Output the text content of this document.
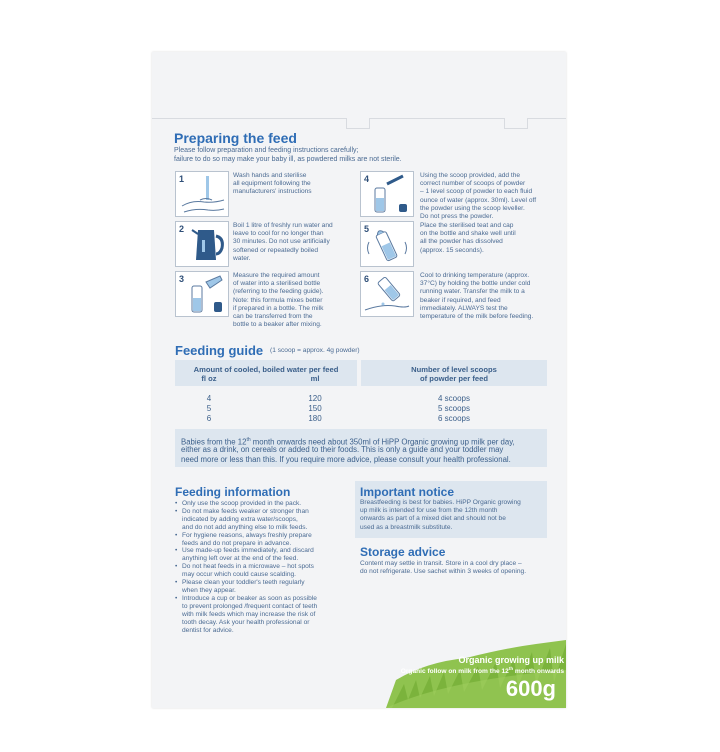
Preparing the feed
Please follow preparation and feeding instructions carefully;
failure to do so may make your baby ill, as powdered milks are not sterile.
1	Wash hands and sterilise
all equipment following the
manufacturers' instructions
2	Boil 1 litre of freshly run water and
leave to cool for no longer than
30 minutes. Do not use artificially
softened or repeatedly boiled
water.
3	Measure the required amount
of water into a sterilised bottle
(referring to the feeding guide).
Note: this formula mixes better
if prepared in a bottle. The milk
can be transferred from the
bottle to a beaker after mixing.
4	Using the scoop provided, add the
correct number of scoops of powder
– 1 level scoop of powder to each fluid
ounce of water (approx. 30ml). Level off
the powder using the scoop leveller.
Do not press the powder.
5	Place the sterilised teat and cap
on the bottle and shake well until
all the powder has dissolved
(approx. 15 seconds).
6	Cool to drinking temperature (approx.
37°C) by holding the bottle under cold
running water. Transfer the milk to a
beaker if required, and feed
immediately. ALWAYS test the
temperature of the milk before feeding.
Feeding guide (1 scoop = approx. 4g powder)
Amount of cooled, boiled water per feed
fl oz	ml
Number of level scoops
of powder per feed
4	120	4 scoops
5	150	5 scoops
6	180	6 scoops
Babies from the 12th month onwards need about 350ml of HiPP Organic growing up milk per day,
either as a drink, on cereals or added to their foods. This is only a guide and your toddler may
need more or less than this. If you require more advice, please consult your health professional.
Feeding information
• Only use the scoop provided in the pack.
• Do not make feeds weaker or stronger than
indicated by adding extra water/scoops,
and do not add anything else to milk feeds.
• For hygiene reasons, always freshly prepare
feeds and do not prepare in advance.
• Use made-up feeds immediately, and discard
anything left over at the end of the feed.
• Do not heat feeds in a microwave – hot spots
may occur which could cause scalding.
• Please clean your toddler's teeth regularly
when they appear.
• Introduce a cup or beaker as soon as possible
to prevent prolonged /frequent contact of teeth
with milk feeds which may increase the risk of
tooth decay. Ask your health professional or
dentist for advice.
Important notice
Breastfeeding is best for babies. HiPP Organic growing
up milk is intended for use from the 12th month
onwards as part of a mixed diet and should not be
used as a breastmilk substitute.
Storage advice
Content may settle in transit. Store in a cool dry place –
do not refrigerate. Use sachet within 3 weeks of opening.
Organic growing up milk
Organic follow on milk from the 12th month onwards
600g
